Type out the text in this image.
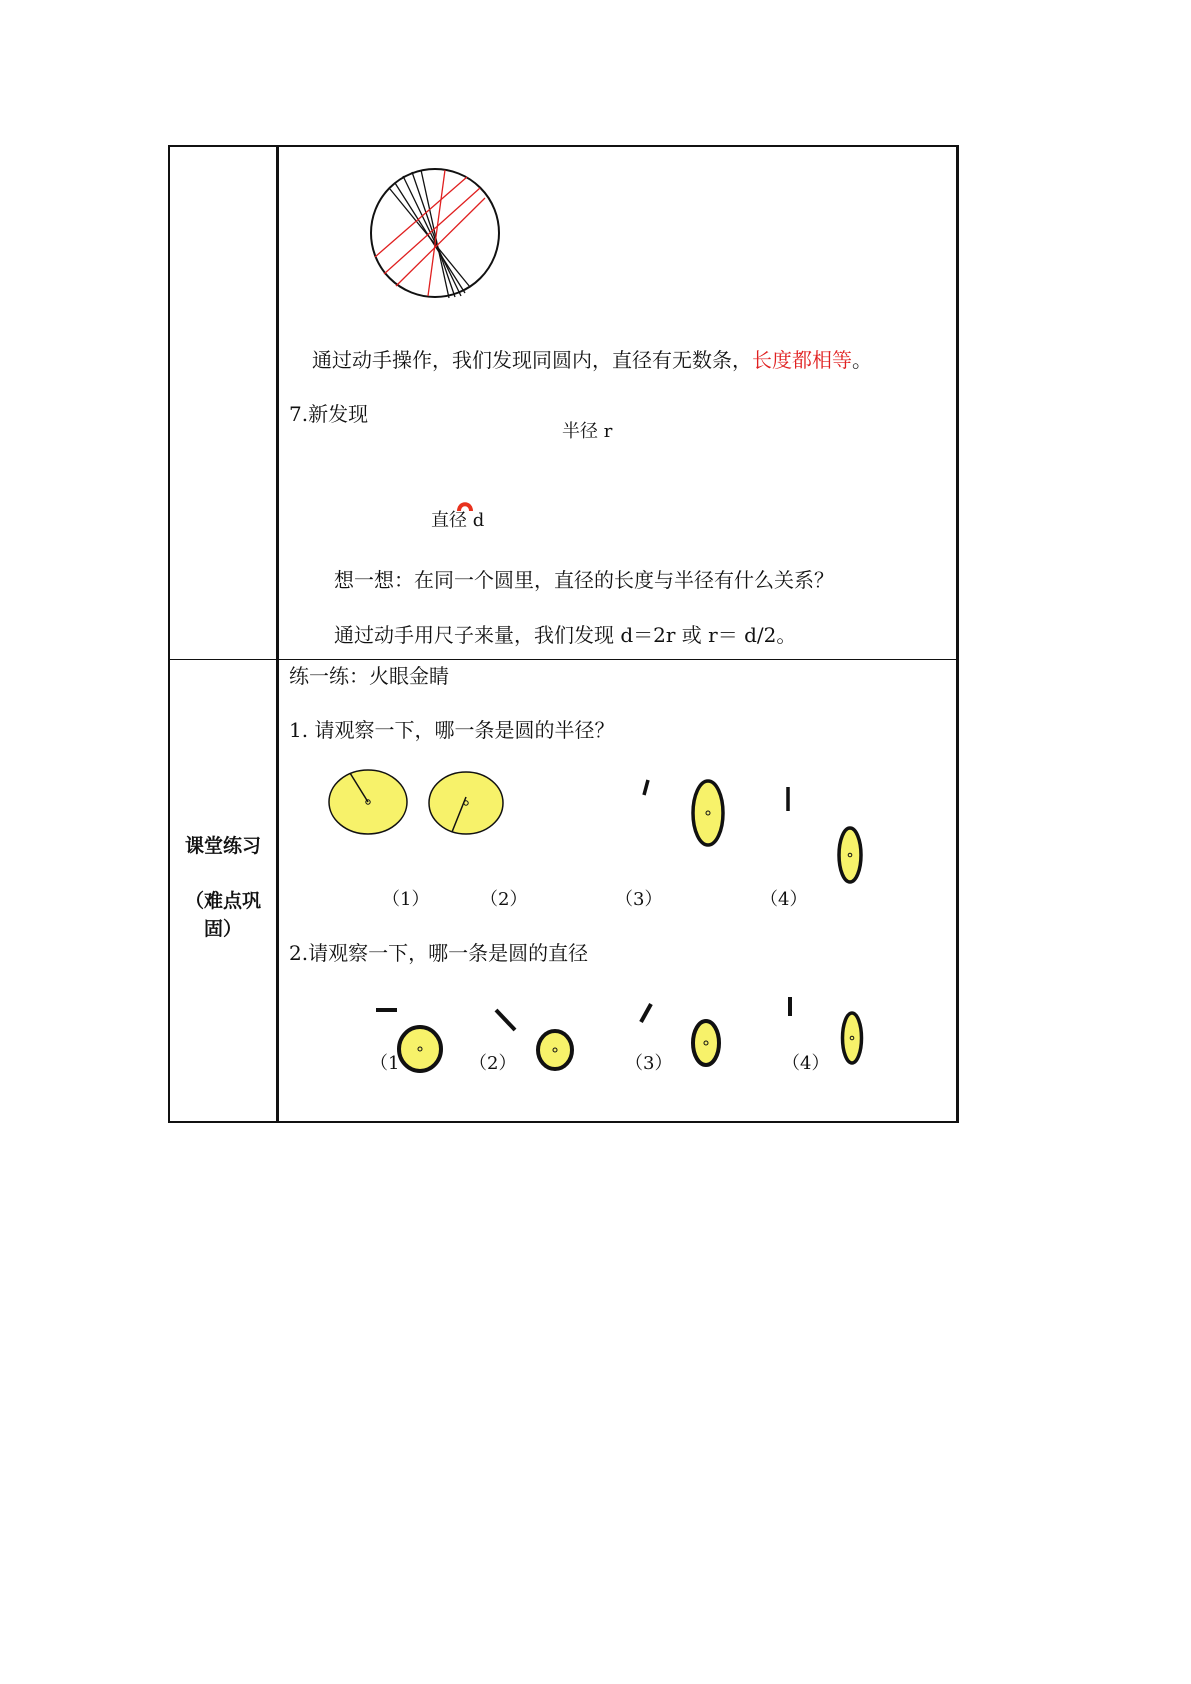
通过动手操作，我们发现同圆内，直径有无数条，长度都相等。
7.新发现
半径 r
直径 d
想一想：在同一个圆里，直径的长度与半径有什么关系？
通过动手用尺子来量，我们发现 d＝2r 或 r＝ d/2。
课堂练习
（难点巩
固）
练一练：火眼金睛
1. 请观察一下，哪一条是圆的半径？
（1）	（2）	（3）	（4）
2.请观察一下，哪一条是圆的直径
（1	（2）	（3）	（4）
